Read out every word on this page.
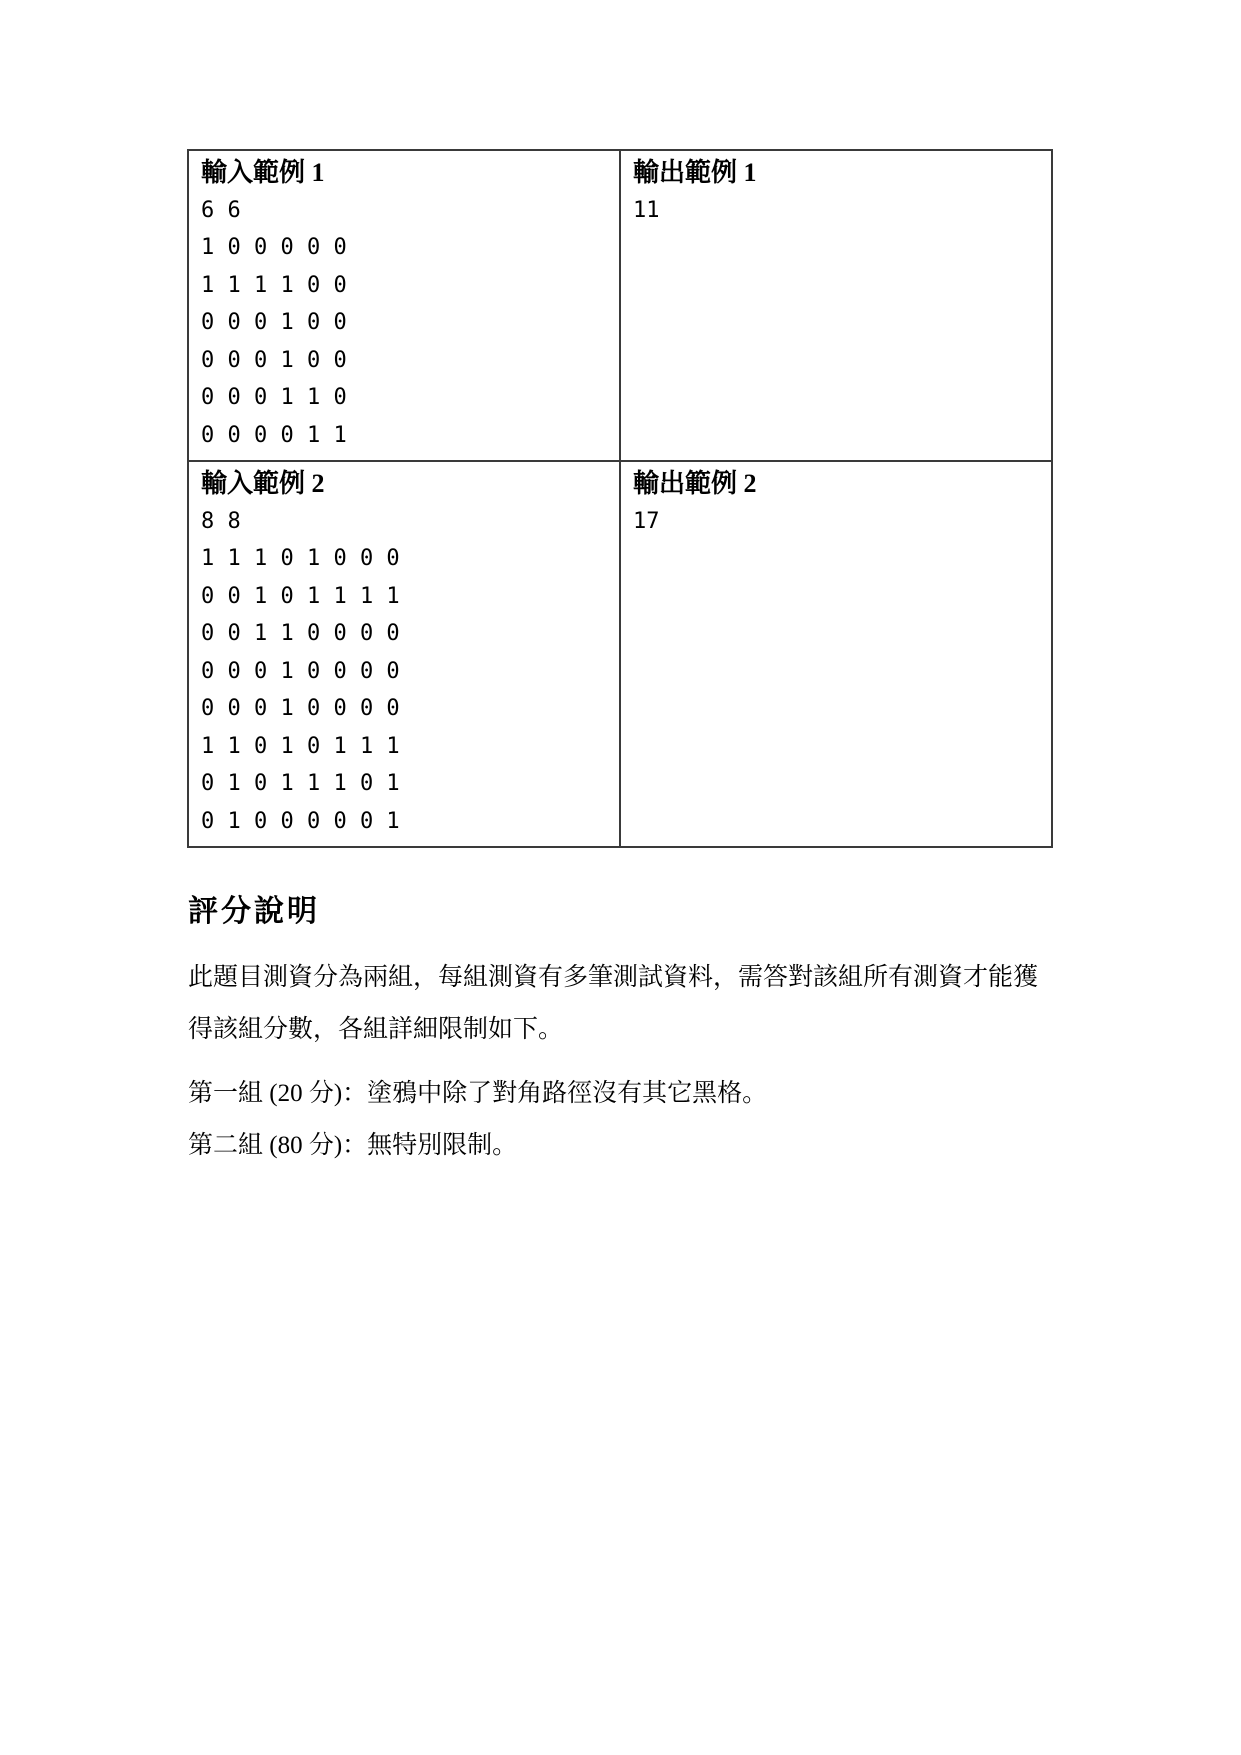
輸入範例 1
6 6
1 0 0 0 0 0
1 1 1 1 0 0
0 0 0 1 0 0
0 0 0 1 0 0
0 0 0 1 1 0
0 0 0 0 1 1

輸出範例 1
11

輸入範例 2
8 8
1 1 1 0 1 0 0 0
0 0 1 0 1 1 1 1
0 0 1 1 0 0 0 0
0 0 0 1 0 0 0 0
0 0 0 1 0 0 0 0
1 1 0 1 0 1 1 1
0 1 0 1 1 1 0 1
0 1 0 0 0 0 0 1

輸出範例 2
17
評分說明
此題目測資分為兩組，每組測資有多筆測試資料，需答對該組所有測資才能獲
得該組分數，各組詳細限制如下。
第一組 (20 分)：塗鴉中除了對角路徑沒有其它黑格。
第二組 (80 分)：無特別限制。
